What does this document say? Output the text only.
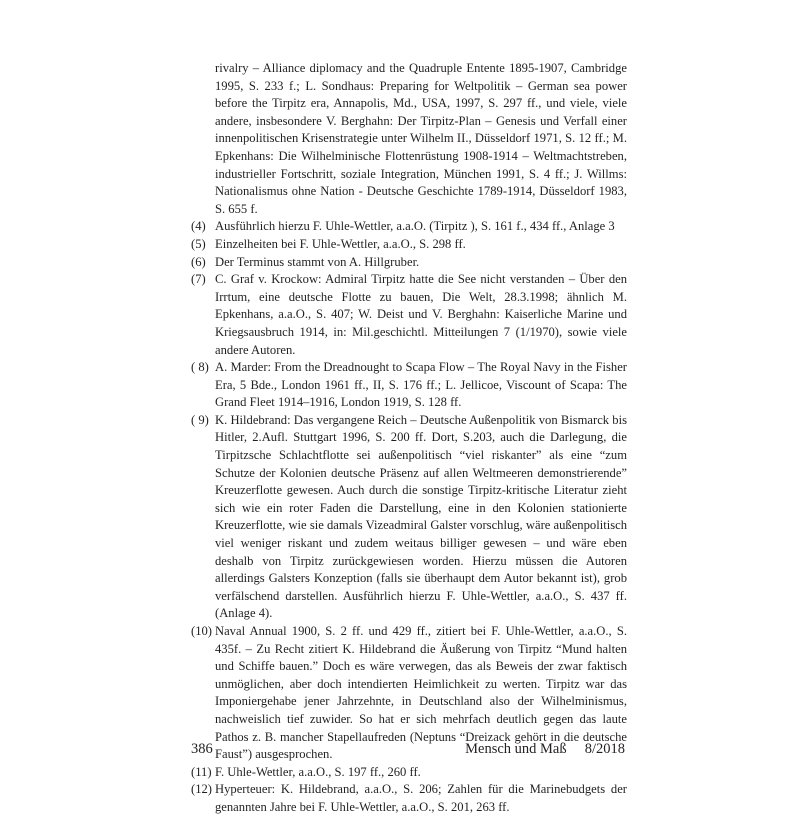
rivalry – Alliance diplomacy and the Quadruple Entente 1895-1907, Cambridge 1995, S. 233 f.; L. Sondhaus: Preparing for Weltpolitik – German sea power before the Tirpitz era, Annapolis, Md., USA, 1997, S. 297 ff., und viele, viele andere, insbesondere V. Berghahn: Der Tirpitz-Plan – Genesis und Verfall einer innenpolitischen Krisenstrategie unter Wilhelm II., Düsseldorf 1971, S. 12 ff.; M. Epkenhans: Die Wilhelminische Flottenrüstung 1908-1914 – Weltmachtstreben, industrieller Fortschritt, soziale Integration, München 1991, S. 4 ff.; J. Willms: Nationalismus ohne Nation - Deutsche Geschichte 1789-1914, Düsseldorf 1983, S. 655 f.

(4) Ausführlich hierzu F. Uhle-Wettler, a.a.O. (Tirpitz ), S. 161 f., 434 ff., Anlage 3
(5) Einzelheiten bei F. Uhle-Wettler, a.a.O., S. 298 ff.
(6) Der Terminus stammt von A. Hillgruber.
(7) C. Graf v. Krockow: Admiral Tirpitz hatte die See nicht verstanden – Über den Irrtum, eine deutsche Flotte zu bauen, Die Welt, 28.3.1998; ähnlich M. Epkenhans, a.a.O., S. 407; W. Deist und V. Berghahn: Kaiserliche Marine und Kriegsausbruch 1914, in: Mil.geschichtl. Mitteilungen 7 (1/1970), sowie viele andere Autoren.
( 8) A. Marder: From the Dreadnought to Scapa Flow – The Royal Navy in the Fisher Era, 5 Bde., London 1961 ff., II, S. 176 ff.; L. Jellicoe, Viscount of Scapa: The Grand Fleet 1914–1916, London 1919, S. 128 ff.
( 9) K. Hildebrand: Das vergangene Reich – Deutsche Außenpolitik von Bismarck bis Hitler, 2.Aufl. Stuttgart 1996, S. 200 ff. Dort, S.203, auch die Darlegung, die Tirpitzsche Schlachtflotte sei außenpolitisch “viel riskanter” als eine “zum Schutze der Kolonien deutsche Präsenz auf allen Weltmeeren demonstrierende” Kreuzerflotte gewesen. Auch durch die sonstige Tirpitz-kritische Literatur zieht sich wie ein roter Faden die Darstellung, eine in den Kolonien stationierte Kreuzerflotte, wie sie damals Vizeadmiral Galster vorschlug, wäre außenpolitisch viel weniger riskant und zudem weitaus billiger gewesen – und wäre eben deshalb von Tirpitz zurückgewiesen worden. Hierzu müssen die Autoren allerdings Galsters Konzeption (falls sie überhaupt dem Autor bekannt ist), grob verfälschend darstellen. Ausführlich hierzu F. Uhle-Wettler, a.a.O., S. 437 ff. (Anlage 4).
(10) Naval Annual 1900, S. 2 ff. und 429 ff., zitiert bei F. Uhle-Wettler, a.a.O., S. 435f. – Zu Recht zitiert K. Hildebrand die Äußerung von Tirpitz “Mund halten und Schiffe bauen.” Doch es wäre verwegen, das als Beweis der zwar faktisch unmöglichen, aber doch intendierten Heimlichkeit zu werten. Tirpitz war das Imponiergehabe jener Jahrzehnte, in Deutschland also der Wilhelminismus, nachweislich tief zuwider. So hat er sich mehrfach deutlich gegen das laute Pathos z. B. mancher Stapellaufreden (Neptuns “Dreizack gehört in die deutsche Faust”) ausgesprochen.
(11) F. Uhle-Wettler, a.a.O., S. 197 ff., 260 ff.
(12) Hyperteuer: K. Hildebrand, a.a.O., S. 206; Zahlen für die Marinebudgets der genannten Jahre bei F. Uhle-Wettler, a.a.O., S. 201, 263 ff.
386	Mensch und Maß     8/2018
